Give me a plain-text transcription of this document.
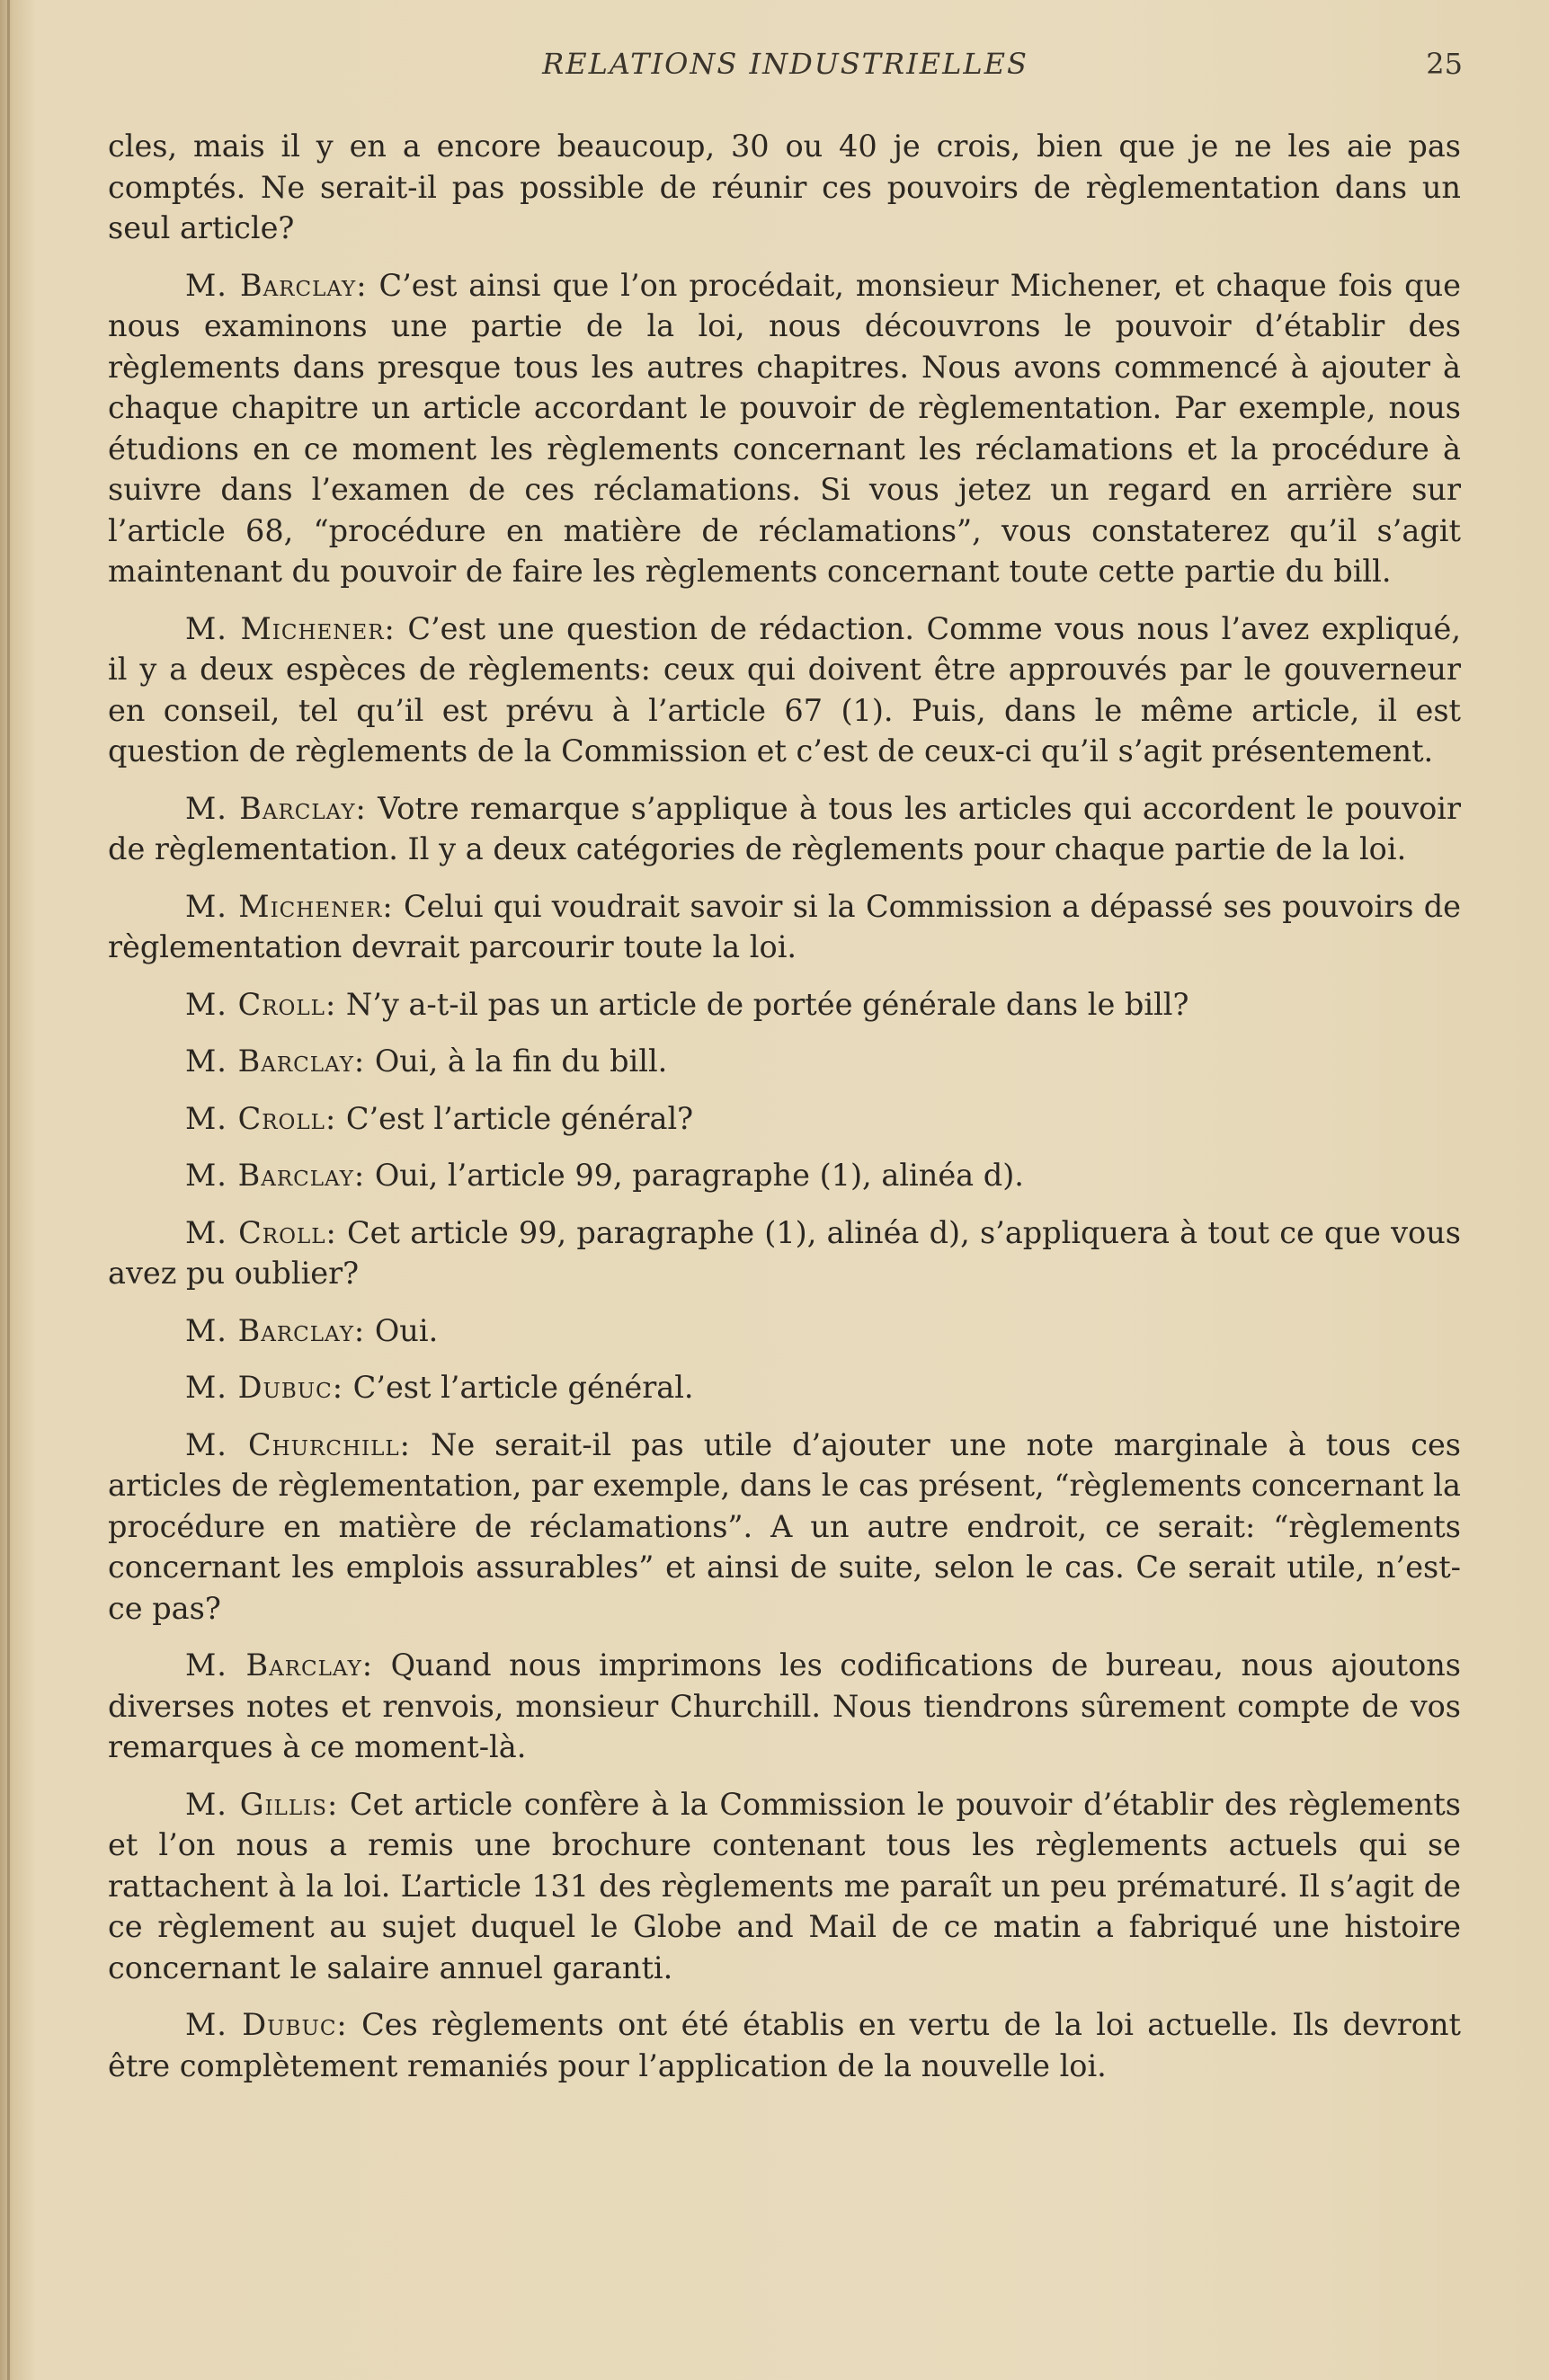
RELATIONS INDUSTRIELLES	25

cles, mais il y en a encore beaucoup, 30 ou 40 je crois, bien que je ne les aie pas comptés. Ne serait-il pas possible de réunir ces pouvoirs de règlementation dans un seul article?

M. Barclay: C’est ainsi que l’on procédait, monsieur Michener, et chaque fois que nous examinons une partie de la loi, nous découvrons le pouvoir d’établir des règlements dans presque tous les autres chapitres. Nous avons commencé à ajouter à chaque chapitre un article accordant le pouvoir de règlementation. Par exemple, nous étudions en ce moment les règlements concernant les réclamations et la procédure à suivre dans l’examen de ces réclamations. Si vous jetez un regard en arrière sur l’article 68, “procédure en matière de réclamations”, vous constaterez qu’il s’agit maintenant du pouvoir de faire les règlements concernant toute cette partie du bill.

M. Michener: C’est une question de rédaction. Comme vous nous l’avez expliqué, il y a deux espèces de règlements: ceux qui doivent être approuvés par le gouverneur en conseil, tel qu’il est prévu à l’article 67 (1). Puis, dans le même article, il est question de règlements de la Commission et c’est de ceux-ci qu’il s’agit présentement.

M. Barclay: Votre remarque s’applique à tous les articles qui accordent le pouvoir de règlementation. Il y a deux catégories de règlements pour chaque partie de la loi.

M. Michener: Celui qui voudrait savoir si la Commission a dépassé ses pouvoirs de règlementation devrait parcourir toute la loi.

M. Croll: N’y a-t-il pas un article de portée générale dans le bill?

M. Barclay: Oui, à la fin du bill.

M. Croll: C’est l’article général?

M. Barclay: Oui, l’article 99, paragraphe (1), alinéa d).

M. Croll: Cet article 99, paragraphe (1), alinéa d), s’appliquera à tout ce que vous avez pu oublier?

M. Barclay: Oui.

M. Dubuc: C’est l’article général.

M. Churchill: Ne serait-il pas utile d’ajouter une note marginale à tous ces articles de règlementation, par exemple, dans le cas présent, “règlements concernant la procédure en matière de réclamations”. A un autre endroit, ce serait: “règlements concernant les emplois assurables” et ainsi de suite, selon le cas. Ce serait utile, n’est-ce pas?

M. Barclay: Quand nous imprimons les codifications de bureau, nous ajoutons diverses notes et renvois, monsieur Churchill. Nous tiendrons sûrement compte de vos remarques à ce moment-là.

M. Gillis: Cet article confère à la Commission le pouvoir d’établir des règlements et l’on nous a remis une brochure contenant tous les règlements actuels qui se rattachent à la loi. L’article 131 des règlements me paraît un peu prématuré. Il s’agit de ce règlement au sujet duquel le Globe and Mail de ce matin a fabriqué une histoire concernant le salaire annuel garanti.

M. Dubuc: Ces règlements ont été établis en vertu de la loi actuelle. Ils devront être complètement remaniés pour l’application de la nouvelle loi.
